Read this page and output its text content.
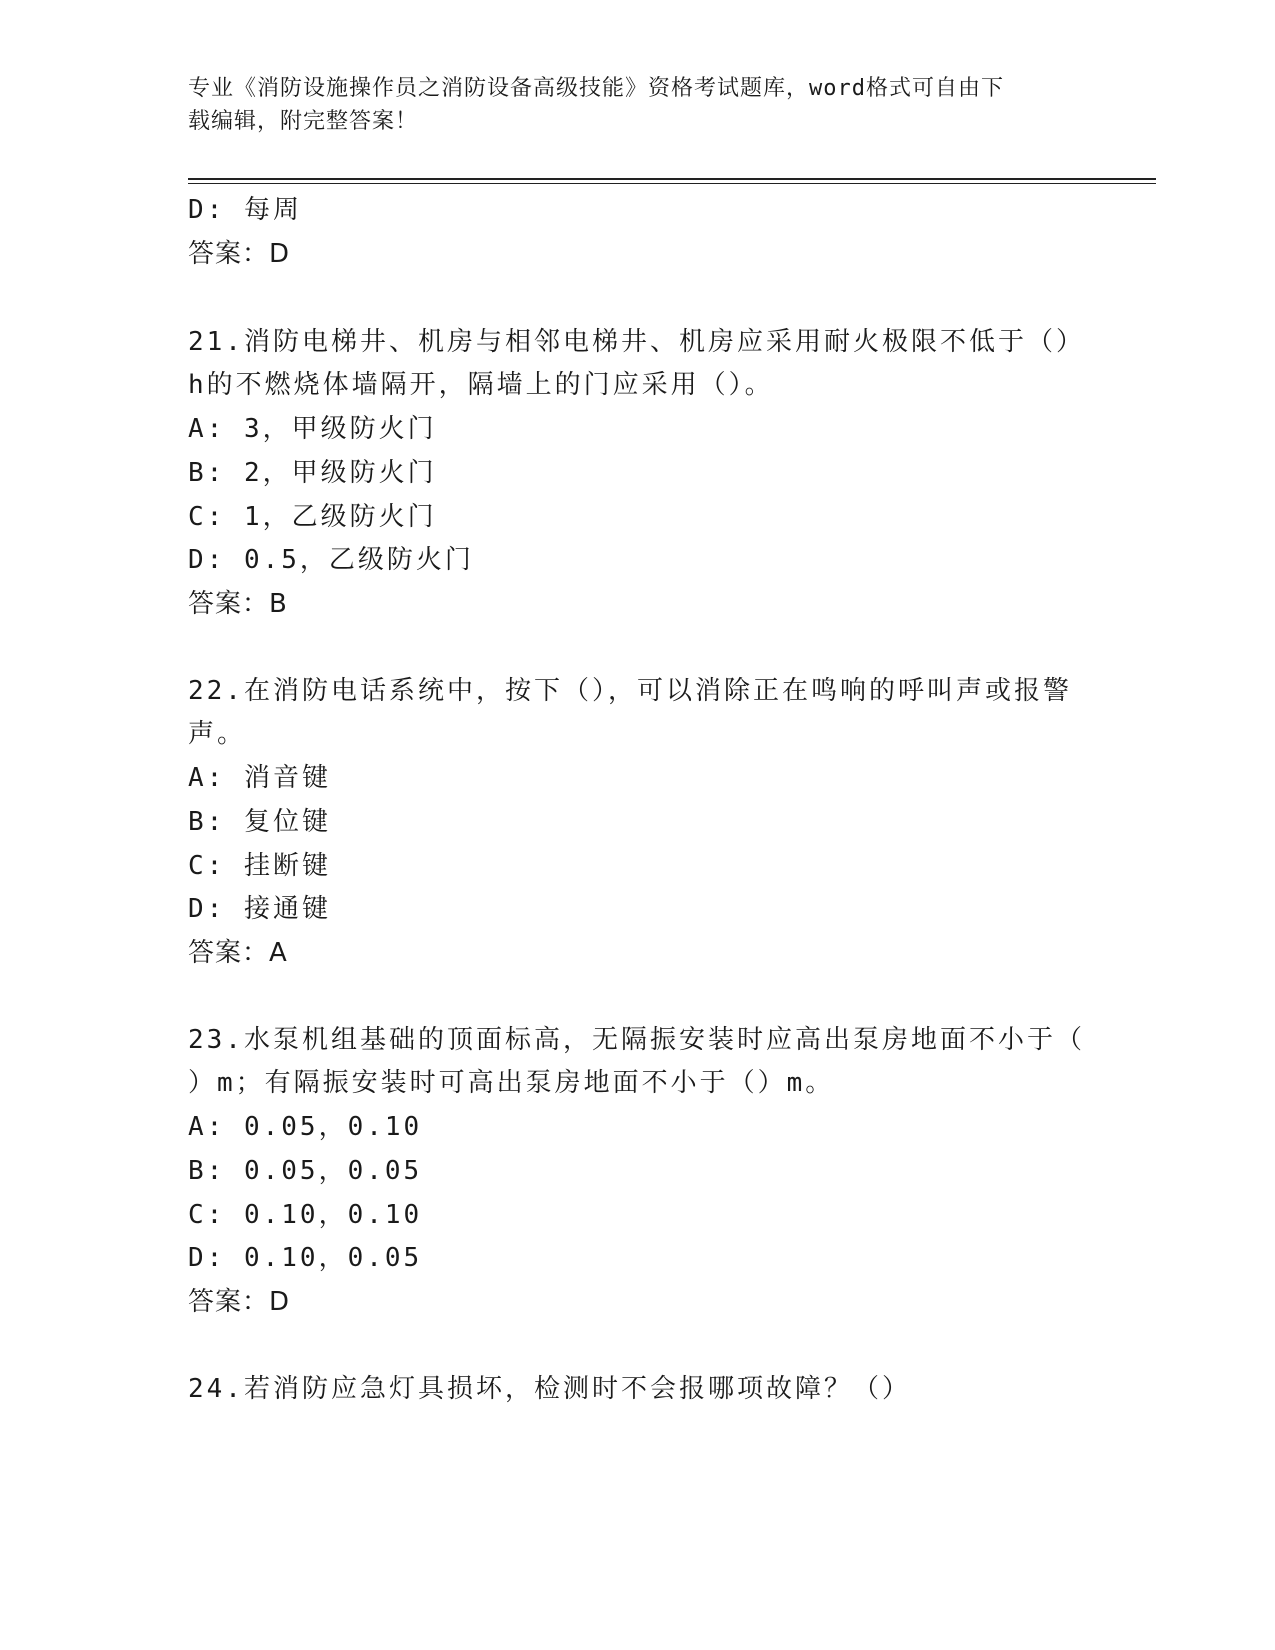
专业《消防设施操作员之消防设备高级技能》资格考试题库，word格式可自由下
载编辑，附完整答案！
D: 每周
答案：D
21.消防电梯井、机房与相邻电梯井、机房应采用耐火极限不低于（）
h的不燃烧体墙隔开，隔墙上的门应采用（）。
A: 3，甲级防火门
B: 2，甲级防火门
C: 1，乙级防火门
D: 0.5，乙级防火门
答案：B
22.在消防电话系统中，按下（），可以消除正在鸣响的呼叫声或报警
声。
A: 消音键
B: 复位键
C: 挂断键
D: 接通键
答案：A
23.水泵机组基础的顶面标高，无隔振安装时应高出泵房地面不小于（
）m；有隔振安装时可高出泵房地面不小于（）m。
A: 0.05，0.10
B: 0.05，0.05
C: 0.10，0.10
D: 0.10，0.05
答案：D
24.若消防应急灯具损坏，检测时不会报哪项故障？（）
